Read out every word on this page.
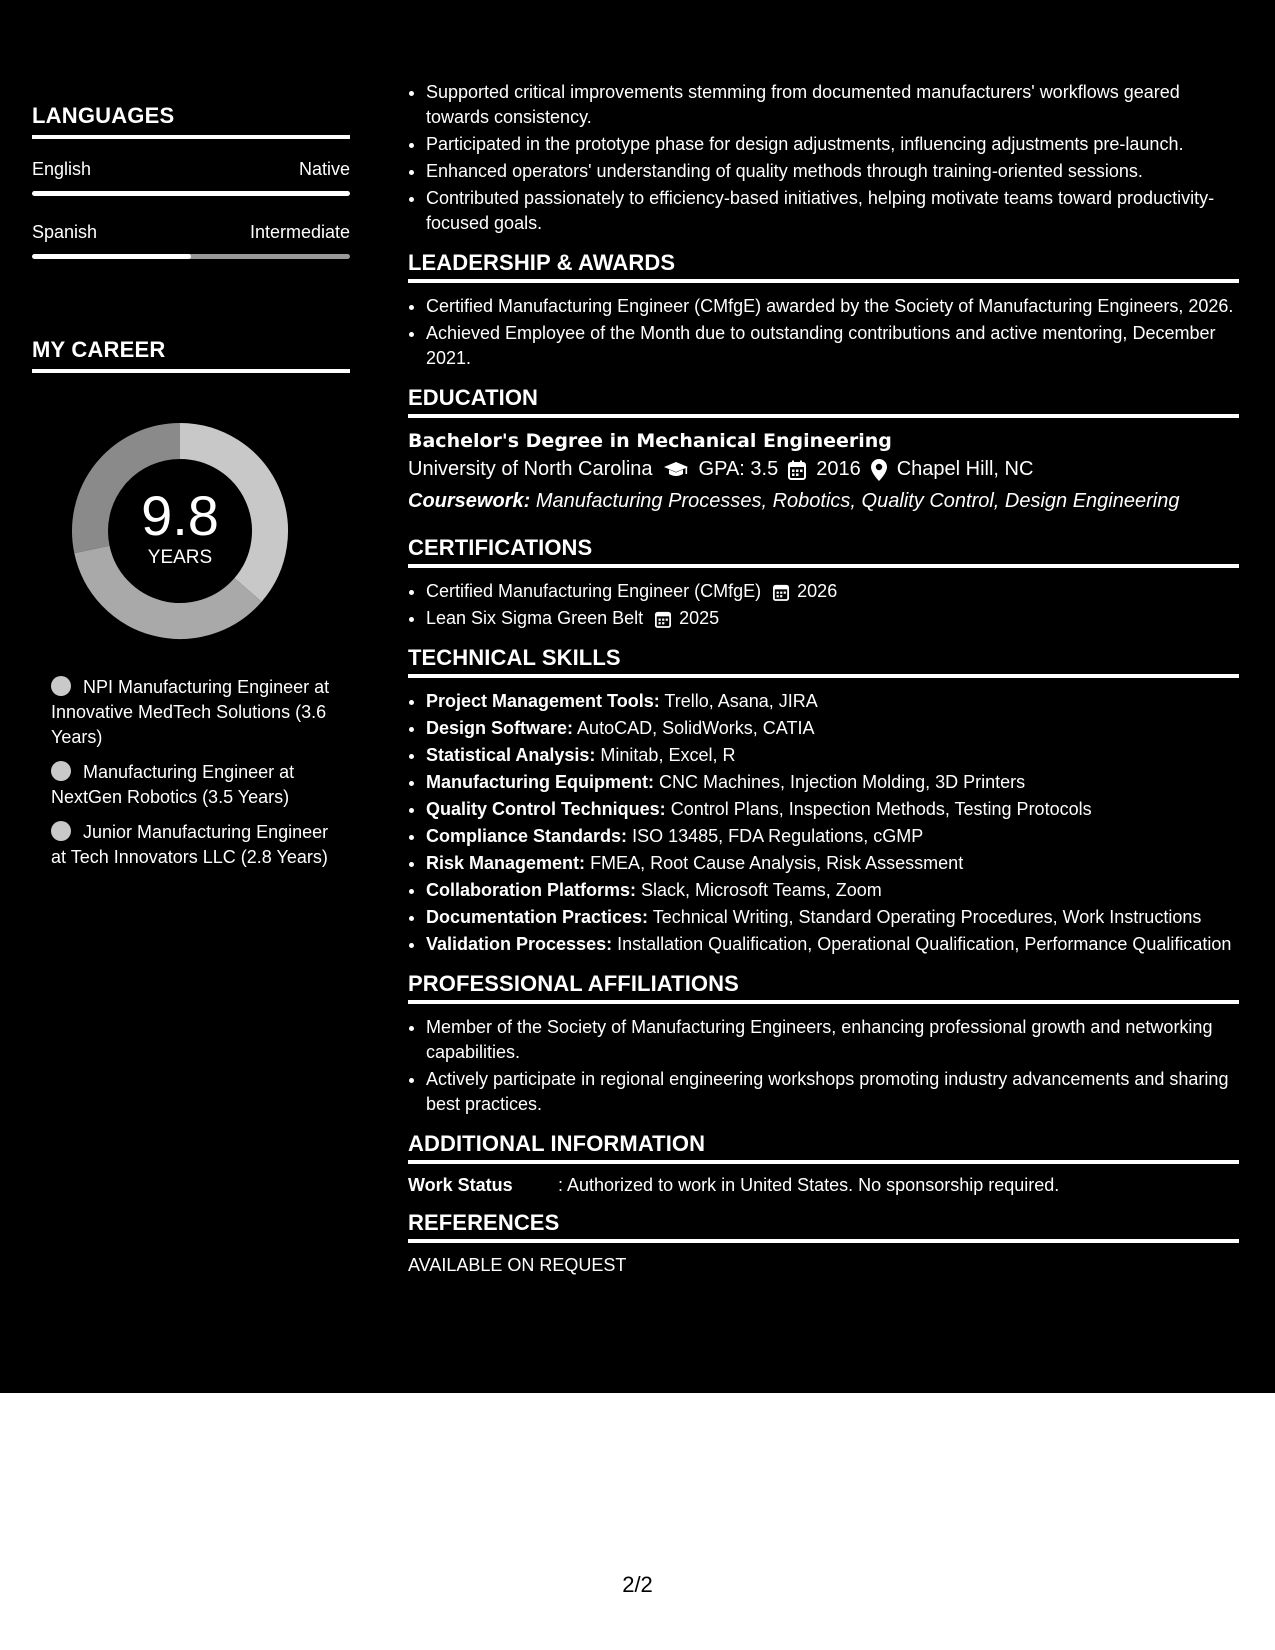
LANGUAGES
English	Native
Spanish	Intermediate
MY CAREER
9.8
YEARS
NPI Manufacturing Engineer at Innovative MedTech Solutions (3.6 Years)
Manufacturing Engineer at NextGen Robotics (3.5 Years)
Junior Manufacturing Engineer at Tech Innovators LLC (2.8 Years)
• Supported critical improvements stemming from documented manufacturers' workflows geared towards consistency.
• Participated in the prototype phase for design adjustments, influencing adjustments pre-launch.
• Enhanced operators' understanding of quality methods through training-oriented sessions.
• Contributed passionately to efficiency-based initiatives, helping motivate teams toward productivity-focused goals.
LEADERSHIP & AWARDS
• Certified Manufacturing Engineer (CMfgE) awarded by the Society of Manufacturing Engineers, 2026.
• Achieved Employee of the Month due to outstanding contributions and active mentoring, December 2021.
EDUCATION
Bachelor's Degree in Mechanical Engineering
University of North Carolina GPA: 3.5 2016 Chapel Hill, NC
Coursework: Manufacturing Processes, Robotics, Quality Control, Design Engineering
CERTIFICATIONS
• Certified Manufacturing Engineer (CMfgE) 2026
• Lean Six Sigma Green Belt 2025
TECHNICAL SKILLS
• Project Management Tools: Trello, Asana, JIRA
• Design Software: AutoCAD, SolidWorks, CATIA
• Statistical Analysis: Minitab, Excel, R
• Manufacturing Equipment: CNC Machines, Injection Molding, 3D Printers
• Quality Control Techniques: Control Plans, Inspection Methods, Testing Protocols
• Compliance Standards: ISO 13485, FDA Regulations, cGMP
• Risk Management: FMEA, Root Cause Analysis, Risk Assessment
• Collaboration Platforms: Slack, Microsoft Teams, Zoom
• Documentation Practices: Technical Writing, Standard Operating Procedures, Work Instructions
• Validation Processes: Installation Qualification, Operational Qualification, Performance Qualification
PROFESSIONAL AFFILIATIONS
• Member of the Society of Manufacturing Engineers, enhancing professional growth and networking capabilities.
• Actively participate in regional engineering workshops promoting industry advancements and sharing best practices.
ADDITIONAL INFORMATION
Work Status	: Authorized to work in United States. No sponsorship required.
REFERENCES
AVAILABLE ON REQUEST
2/2
